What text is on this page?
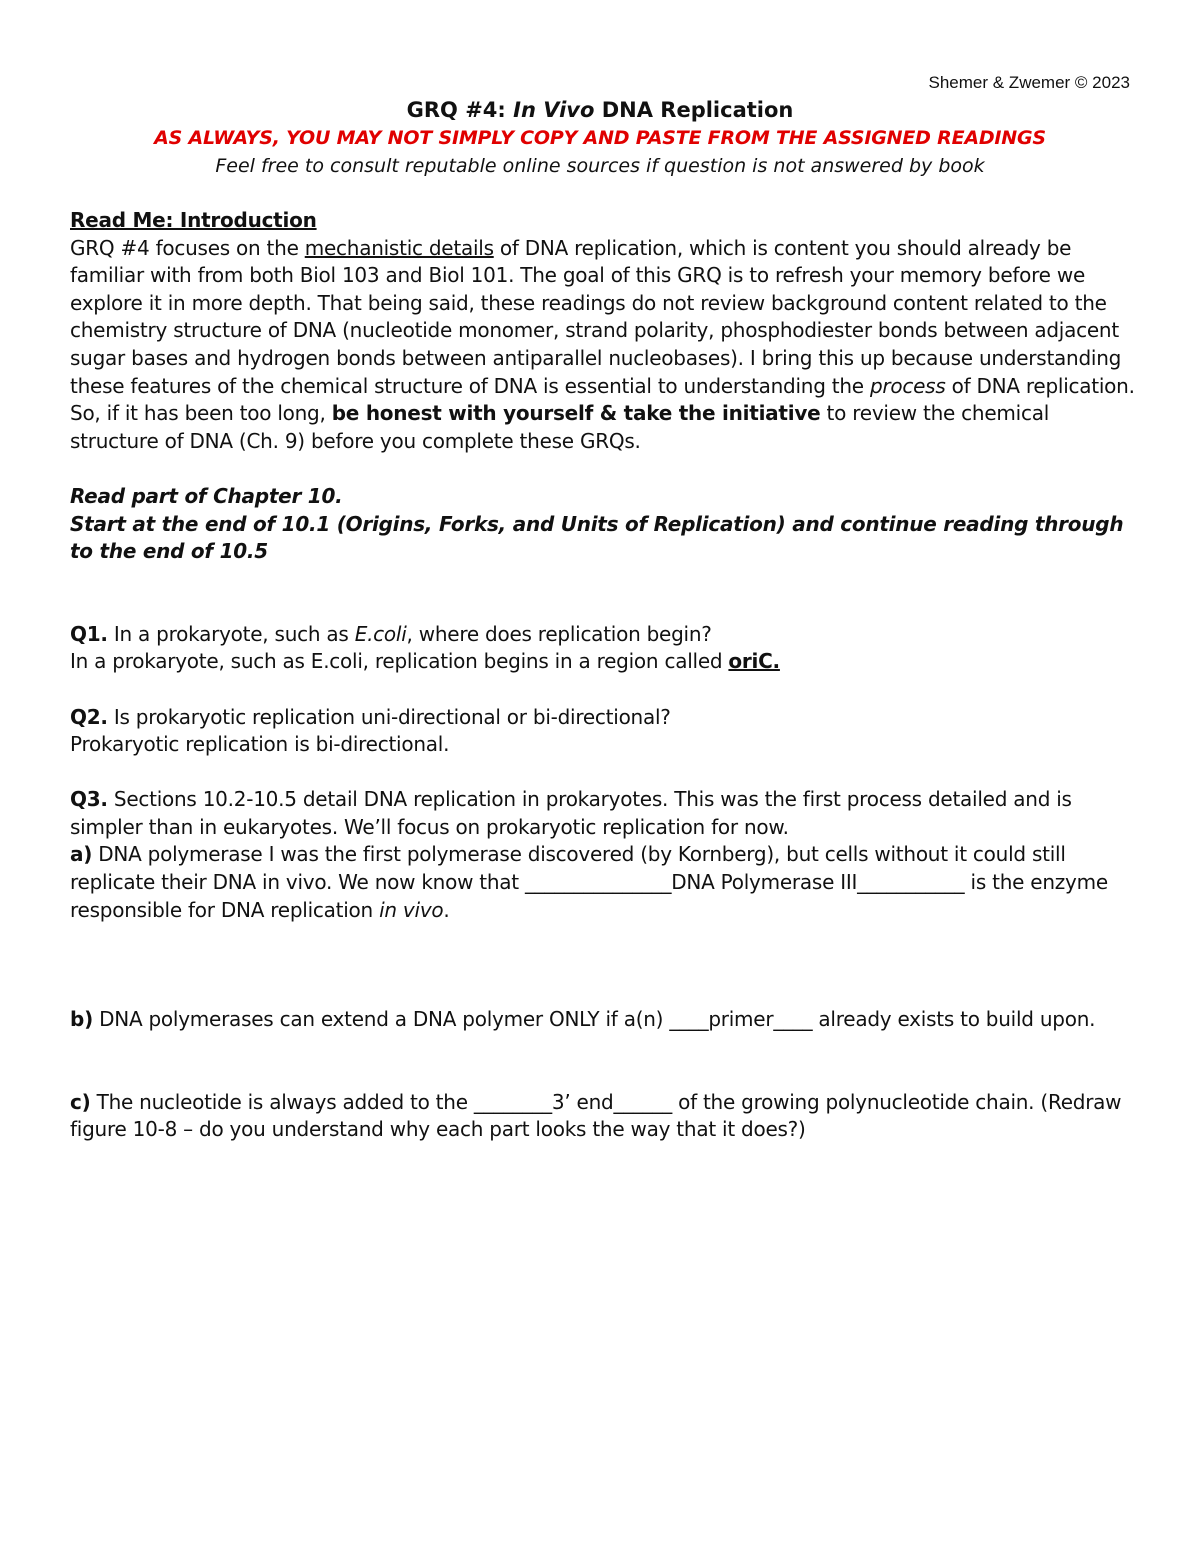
Shemer & Zwemer © 2023
GRQ #4: In Vivo DNA Replication
AS ALWAYS, YOU MAY NOT SIMPLY COPY AND PASTE FROM THE ASSIGNED READINGS
Feel free to consult reputable online sources if question is not answered by book

Read Me: Introduction

GRQ #4 focuses on the mechanistic details of DNA replication, which is content you should already be familiar with from both Biol 103 and Biol 101. The goal of this GRQ is to refresh your memory before we explore it in more depth. That being said, these readings do not review background content related to the chemistry structure of DNA (nucleotide monomer, strand polarity, phosphodiester bonds between adjacent sugar bases and hydrogen bonds between antiparallel nucleobases). I bring this up because understanding these features of the chemical structure of DNA is essential to understanding the process of DNA replication. So, if it has been too long, be honest with yourself & take the initiative to review the chemical structure of DNA (Ch. 9) before you complete these GRQs.

Read part of Chapter 10.

Start at the end of 10.1 (Origins, Forks, and Units of Replication) and continue reading through to the end of 10.5

Q1. In a prokaryote, such as E.coli, where does replication begin?

In a prokaryote, such as E.coli, replication begins in a region called oriC.

Q2. Is prokaryotic replication uni-directional or bi-directional?

Prokaryotic replication is bi-directional.

Q3. Sections 10.2-10.5 detail DNA replication in prokaryotes. This was the first process detailed and is simpler than in eukaryotes. We’ll focus on prokaryotic replication for now.

a) DNA polymerase I was the first polymerase discovered (by Kornberg), but cells without it could still replicate their DNA in vivo. We now know that _______________DNA Polymerase III___________ is the enzyme responsible for DNA replication in vivo.

b) DNA polymerases can extend a DNA polymer ONLY if a(n) ____primer____ already exists to build upon.

c) The nucleotide is always added to the ________3’ end______ of the growing polynucleotide chain. (Redraw figure 10-8 – do you understand why each part looks the way that it does?)
